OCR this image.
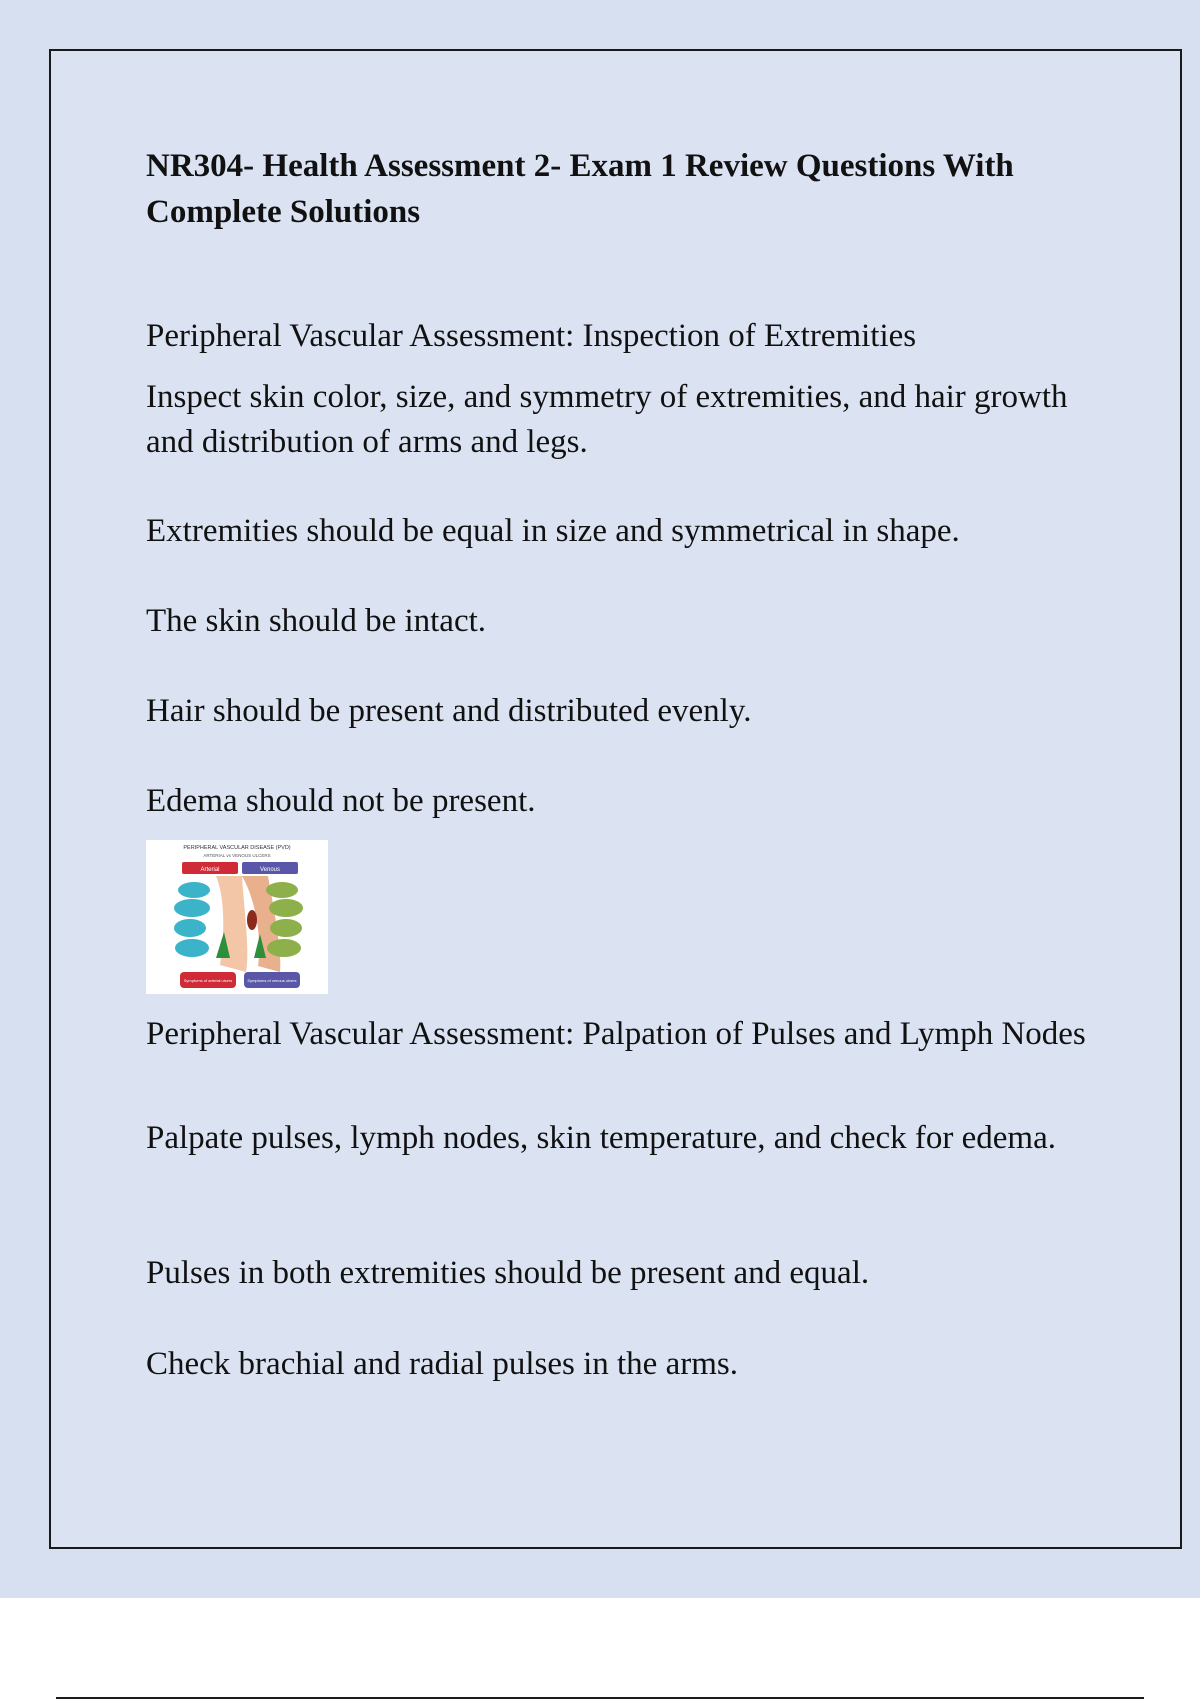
NR304- Health Assessment 2- Exam 1 Review Questions With Complete Solutions

Peripheral Vascular Assessment: Inspection of Extremities

Inspect skin color, size, and symmetry of extremities, and hair growth and distribution of arms and legs.

Extremities should be equal in size and symmetrical in shape.

The skin should be intact.

Hair should be present and distributed evenly.

Edema should not be present.

PERIPHERAL VASCULAR DISEASE (PVD)
ARTERIAL vs VENOUS ULCERS
Arterial	Venous
Symptoms of arterial ulcers	Symptoms of venous ulcers

Peripheral Vascular Assessment: Palpation of Pulses and Lymph Nodes

Palpate pulses, lymph nodes, skin temperature, and check for edema.

Pulses in both extremities should be present and equal.

Check brachial and radial pulses in the arms.
